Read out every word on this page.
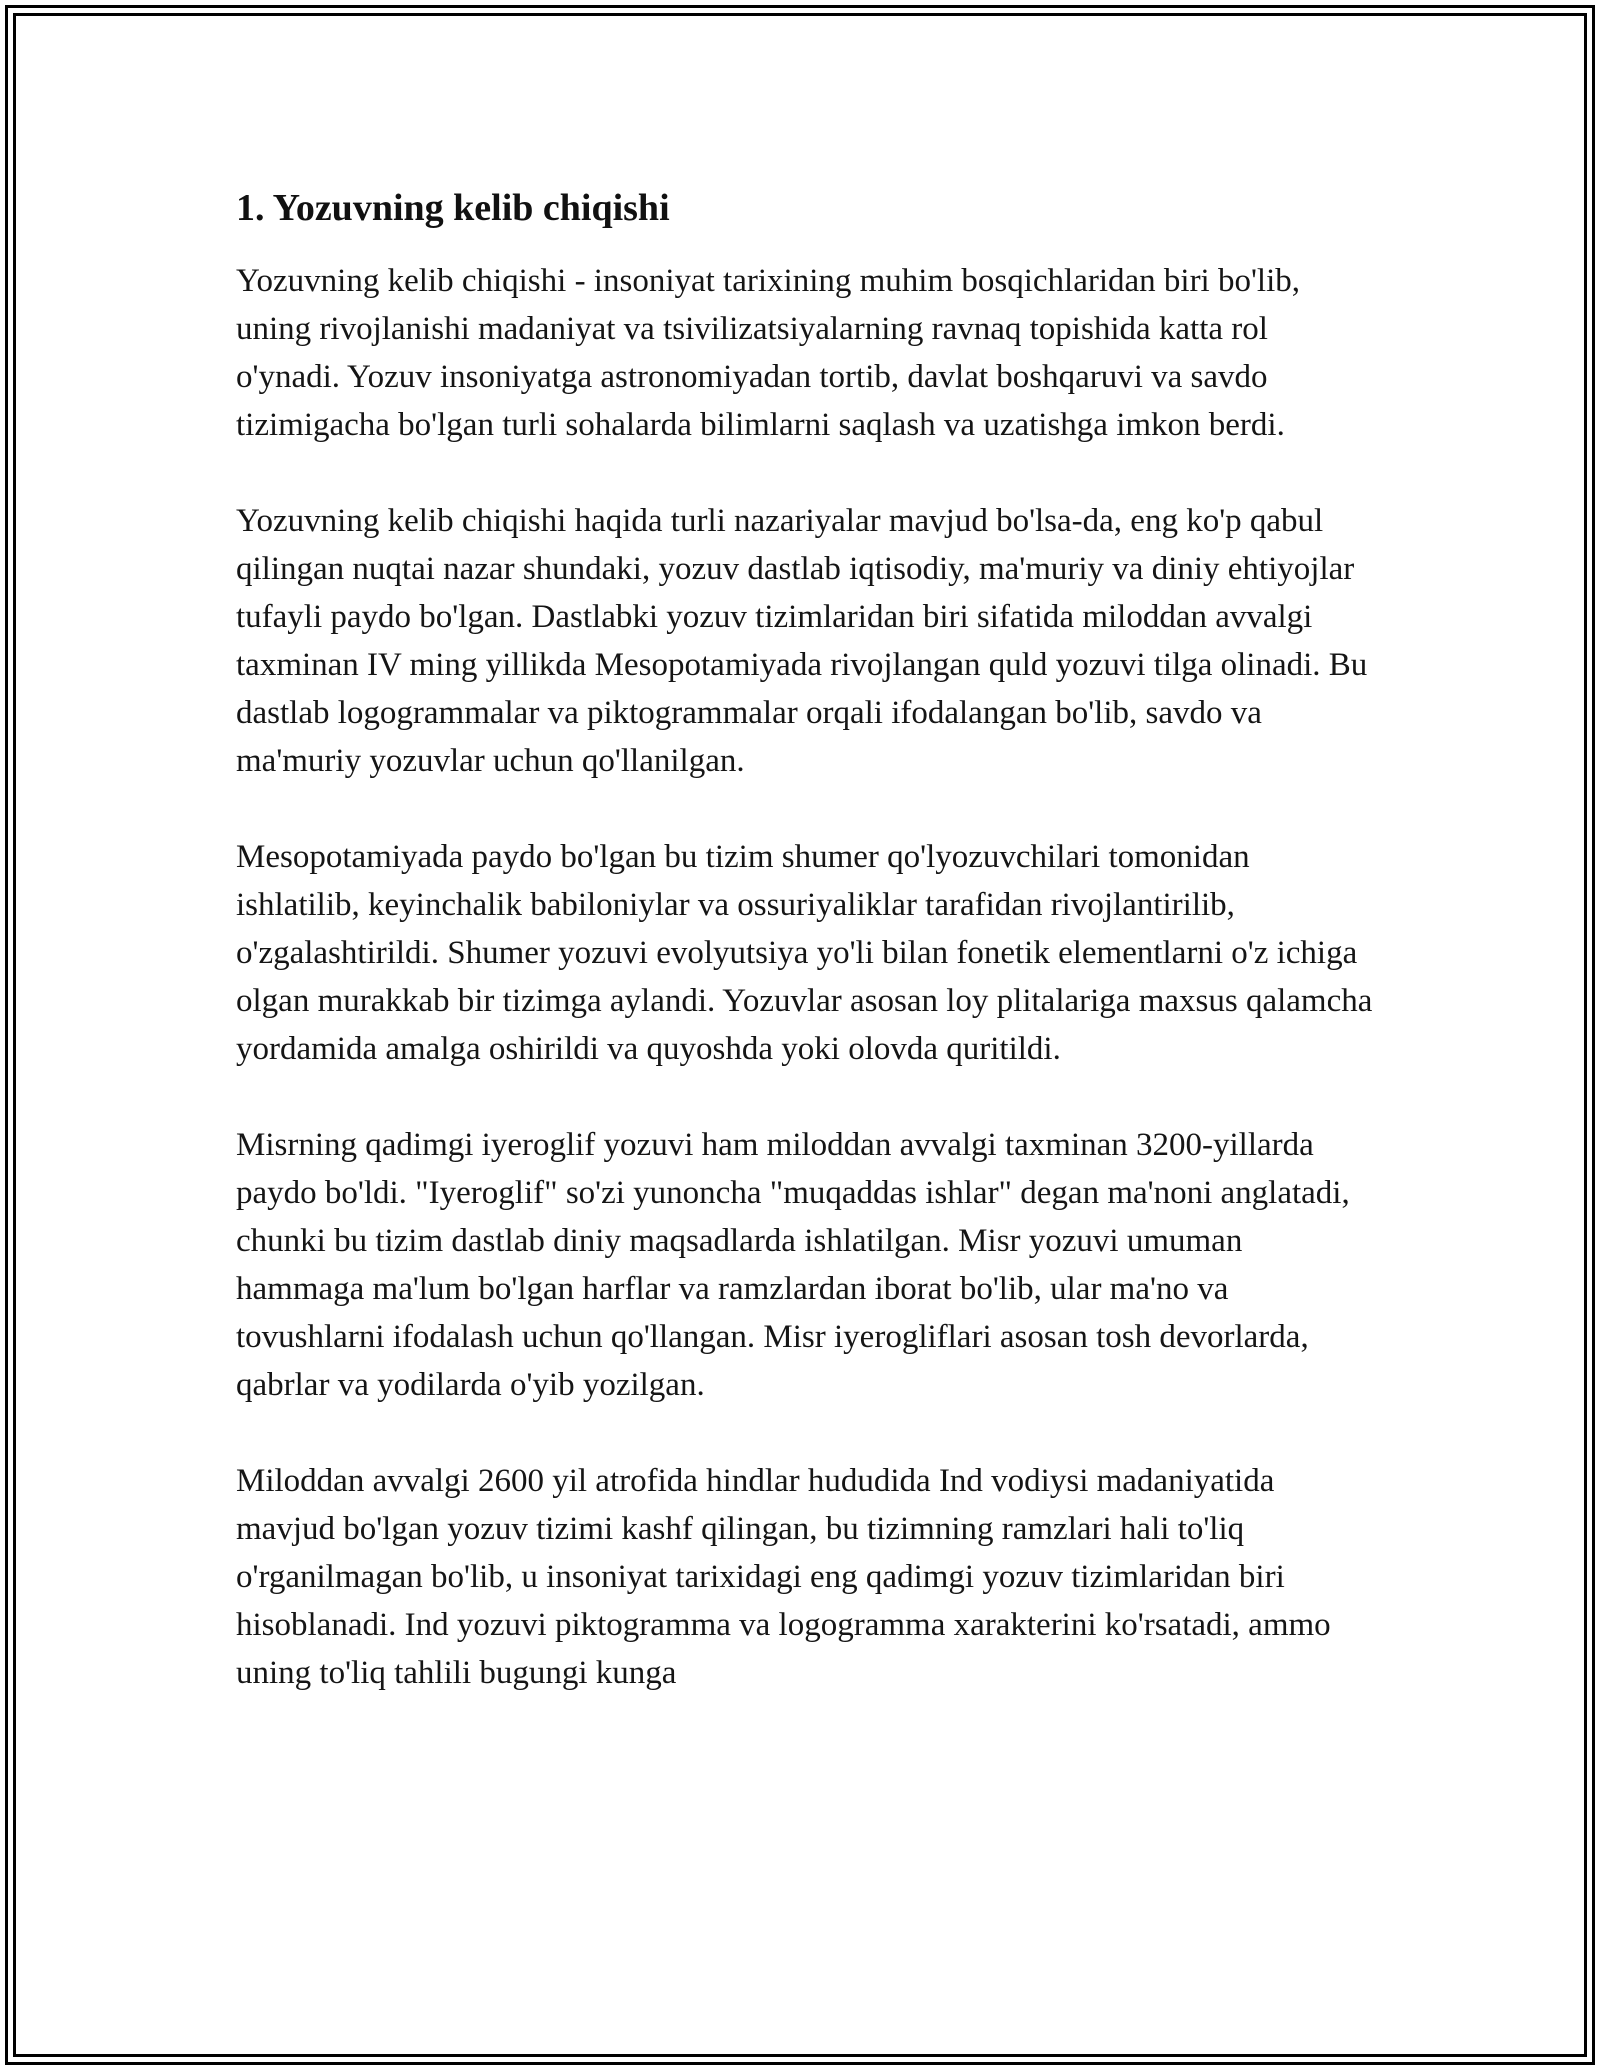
1. Yozuvning kelib chiqishi

Yozuvning kelib chiqishi - insoniyat tarixining muhim bosqichlaridan biri bo'lib, uning rivojlanishi madaniyat va tsivilizatsiyalarning ravnaq topishida katta rol o'ynadi. Yozuv insoniyatga astronomiyadan tortib, davlat boshqaruvi va savdo tizimigacha bo'lgan turli sohalarda bilimlarni saqlash va uzatishga imkon berdi.

Yozuvning kelib chiqishi haqida turli nazariyalar mavjud bo'lsa-da, eng ko'p qabul qilingan nuqtai nazar shundaki, yozuv dastlab iqtisodiy, ma'muriy va diniy ehtiyojlar tufayli paydo bo'lgan. Dastlabki yozuv tizimlaridan biri sifatida miloddan avvalgi taxminan IV ming yillikda Mesopotamiyada rivojlangan quld yozuvi tilga olinadi. Bu dastlab logogrammalar va piktogrammalar orqali ifodalangan bo'lib, savdo va ma'muriy yozuvlar uchun qo'llanilgan.

Mesopotamiyada paydo bo'lgan bu tizim shumer qo'lyozuvchilari tomonidan ishlatilib, keyinchalik babiloniylar va ossuriyaliklar tarafidan rivojlantirilib, o'zgalashtirildi. Shumer yozuvi evolyutsiya yo'li bilan fonetik elementlarni o'z ichiga olgan murakkab bir tizimga aylandi. Yozuvlar asosan loy plitalariga maxsus qalamcha yordamida amalga oshirildi va quyoshda yoki olovda quritildi.

Misrning qadimgi iyeroglif yozuvi ham miloddan avvalgi taxminan 3200-yillarda paydo bo'ldi. "Iyeroglif" so'zi yunoncha "muqaddas ishlar" degan ma'noni anglatadi, chunki bu tizim dastlab diniy maqsadlarda ishlatilgan. Misr yozuvi umuman hammaga ma'lum bo'lgan harflar va ramzlardan iborat bo'lib, ular ma'no va tovushlarni ifodalash uchun qo'llangan. Misr iyerogliflari asosan tosh devorlarda, qabrlar va yodilarda o'yib yozilgan.

Miloddan avvalgi 2600 yil atrofida hindlar hududida Ind vodiysi madaniyatida mavjud bo'lgan yozuv tizimi kashf qilingan, bu tizimning ramzlari hali to'liq o'rganilmagan bo'lib, u insoniyat tarixidagi eng qadimgi yozuv tizimlaridan biri hisoblanadi. Ind yozuvi piktogramma va logogramma xarakterini ko'rsatadi, ammo uning to'liq tahlili bugungi kunga
